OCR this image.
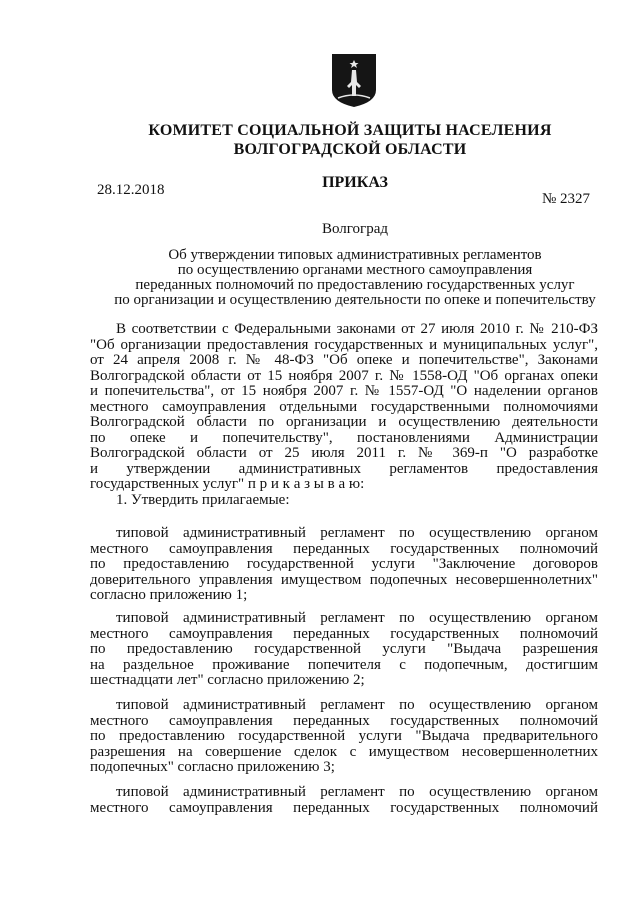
КОМИТЕТ СОЦИАЛЬНОЙ ЗАЩИТЫ НАСЕЛЕНИЯ
ВОЛГОГРАДСКОЙ ОБЛАСТИ
ПРИКАЗ
28.12.2018
№ 2327
Волгоград
Об утверждении типовых административных регламентов
по осуществлению органами местного самоуправления
переданных полномочий по предоставлению государственных услуг
по организации и осуществлению деятельности по опеке и попечительству
В соответствии с Федеральными законами от 27 июля 2010 г. № 210-ФЗ
"Об организации предоставления государственных и муниципальных услуг",
от 24 апреля 2008 г. № 48-ФЗ "Об опеке и попечительстве", Законами
Волгоградской области от 15 ноября 2007 г. № 1558-ОД "Об органах опеки
и попечительства", от 15 ноября 2007 г. № 1557-ОД "О наделении органов
местного самоуправления отдельными государственными полномочиями
Волгоградской области по организации и осуществлению деятельности
по опеке и попечительству", постановлениями Администрации
Волгоградской области от 25 июля 2011 г. № 369-п "О разработке
и утверждении административных регламентов предоставления
государственных услуг" п р и к а з ы в а ю:
1. Утвердить прилагаемые:
типовой административный регламент по осуществлению органом
местного самоуправления переданных государственных полномочий
по предоставлению государственной услуги "Заключение договоров
доверительного управления имуществом подопечных несовершеннолетних"
согласно приложению 1;
типовой административный регламент по осуществлению органом
местного самоуправления переданных государственных полномочий
по предоставлению государственной услуги "Выдача разрешения
на раздельное проживание попечителя с подопечным, достигшим
шестнадцати лет" согласно приложению 2;
типовой административный регламент по осуществлению органом
местного самоуправления переданных государственных полномочий
по предоставлению государственной услуги "Выдача предварительного
разрешения на совершение сделок с имуществом несовершеннолетних
подопечных" согласно приложению 3;
типовой административный регламент по осуществлению органом
местного самоуправления переданных государственных полномочий
